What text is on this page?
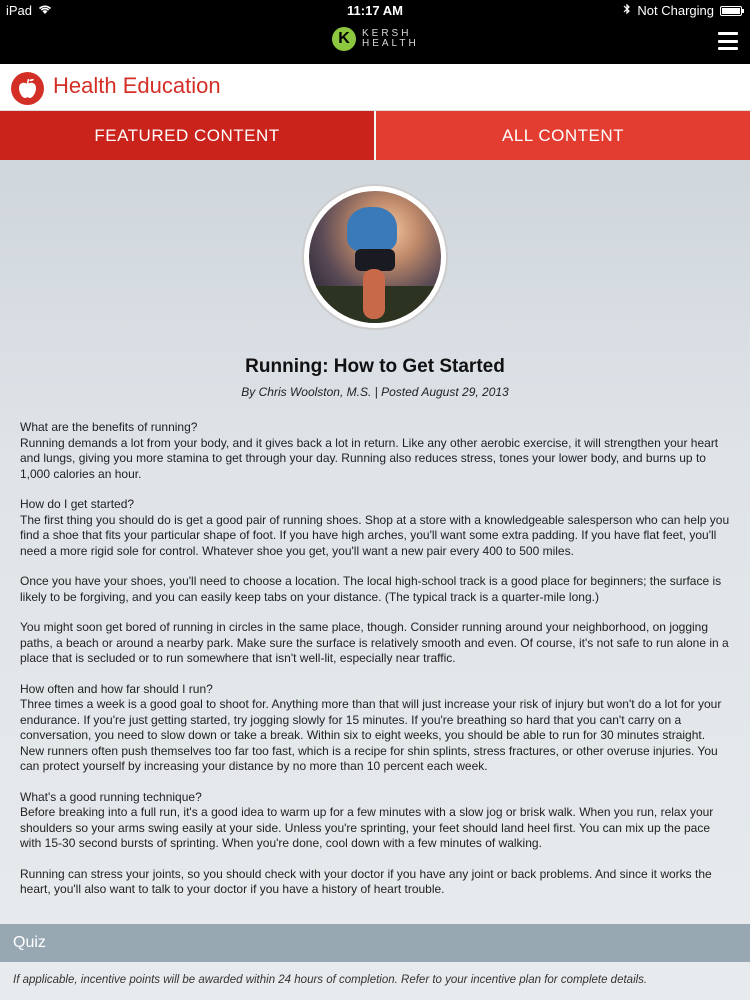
iPad	11:17 AM	Not Charging
K	KERSH
HEALTH
Health Education
FEATURED CONTENT	ALL CONTENT
Running: How to Get Started
By Chris Woolston, M.S. | Posted August 29, 2013

What are the benefits of running?
Running demands a lot from your body, and it gives back a lot in return. Like any other aerobic exercise, it will strengthen your heart and lungs, giving you more stamina to get through your day. Running also reduces stress, tones your lower body, and burns up to 1,000 calories an hour.

How do I get started?
The first thing you should do is get a good pair of running shoes. Shop at a store with a knowledgeable salesperson who can help you find a shoe that fits your particular shape of foot. If you have high arches, you'll want some extra padding. If you have flat feet, you'll need a more rigid sole for control. Whatever shoe you get, you'll want a new pair every 400 to 500 miles.

Once you have your shoes, you'll need to choose a location. The local high-school track is a good place for beginners; the surface is likely to be forgiving, and you can easily keep tabs on your distance. (The typical track is a quarter-mile long.)

You might soon get bored of running in circles in the same place, though. Consider running around your neighborhood, on jogging paths, a beach or around a nearby park. Make sure the surface is relatively smooth and even. Of course, it's not safe to run alone in a place that is secluded or to run somewhere that isn't well-lit, especially near traffic.

How often and how far should I run?
Three times a week is a good goal to shoot for. Anything more than that will just increase your risk of injury but won't do a lot for your endurance. If you're just getting started, try jogging slowly for 15 minutes. If you're breathing so hard that you can't carry on a conversation, you need to slow down or take a break. Within six to eight weeks, you should be able to run for 30 minutes straight. New runners often push themselves too far too fast, which is a recipe for shin splints, stress fractures, or other overuse injuries. You can protect yourself by increasing your distance by no more than 10 percent each week.

What's a good running technique?
Before breaking into a full run, it's a good idea to warm up for a few minutes with a slow jog or brisk walk. When you run, relax your shoulders so your arms swing easily at your side. Unless you're sprinting, your feet should land heel first. You can mix up the pace with 15-30 second bursts of sprinting. When you're done, cool down with a few minutes of walking.

Running can stress your joints, so you should check with your doctor if you have any joint or back problems. And since it works the heart, you'll also want to talk to your doctor if you have a history of heart trouble.

Quiz
If applicable, incentive points will be awarded within 24 hours of completion. Refer to your incentive plan for complete details.
